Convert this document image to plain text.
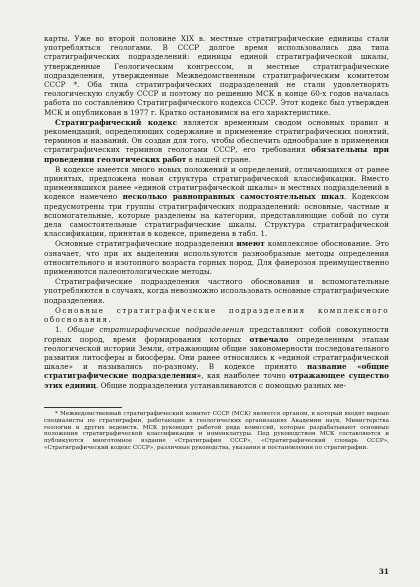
карты. Уже во второй половине XIX в. местные стратиграфические единицы стали употребляться геологами. В СССР долгое время использовались два типа стратиграфических подразделений: единицы единой стратиграфической шкалы, утвержденные Геологическим конгрессом, и местные стратиграфические подразделения, утвержденные Межведомственным стратиграфическим комитетом СССР *. Оба типа стратиграфических подразделений не стали удовлетворять геологическую службу СССР и поэтому по решению МСК в конце 60-х годов началась работа по составлению Стратиграфического кодекса СССР. Этот кодекс был утвержден МСК и опубликован в 1977 г. Кратко остановимся на его характеристике.

Стратиграфический кодекс является временным сводом основных правил и рекомендаций, определяющих содержание и применение стратиграфических понятий, терминов и названий. Он создан для того, чтобы обеспечить однообразие в применении стратиграфических терминов геологами СССР, его требования обязательны при проведении геологических работ в нашей стране.

В кодексе имеется много новых положений и определений, отличающихся от ранее принятых, предложена новая структура стратиграфической классификации. Вместо применявшихся ранее «единой стратиграфической шкалы» и местных подразделений в кодексе намечено несколько равноправных самостоятельных шкал. Кодексом предусмотрены три группы стратиграфических подразделений: основные, частные и вспомогательные, которые разделены на категории, представляющие собой по сути дела самостоятельные стратиграфические шкалы. Структура стратиграфической классификации, принятая в кодексе, приведена в табл. 1.

Основные стратиграфические подразделения имеют комплексное обоснование. Это означает, что при их выделении используются разнообразные методы определения относительного и изотопного возраста горных пород. Для фанерозоя преимущественно применяются палеонтологические методы.

Стратиграфические подразделения частного обоснования и вспомогательные употребляются в случаях, когда невозможно использовать основные стратиграфические подразделения.

Основные стратиграфические подразделения комплексного обоснования.

1. Общие стратиграфические подразделения представляют собой совокупности горных пород, время формирования которых отвечало определенным этапам геологической истории Земли, отражающим общие закономерности последовательного развития литосферы и биосферы. Они ранее относились к «единой стратиграфической шкале» и назывались по-разному. В кодексе принято название «общие стратиграфические подразделения», как наиболее точно отражающее существо этих единиц. Общие подразделения устанавливаются с помощью разных ме-

* Межведомственный стратиграфический комитет СССР (МСК) является органом, в который входят видные специалисты по стратиграфии, работающие в геологических организациях Академии наук, Министерства геологии и других ведомств. МСК руководит работой ряда комиссий, которые разрабатывают основные положения стратиграфической классификации и номенклатуры. Под руководством МСК составляются и публикуются многотомное издание «Стратиграфия СССР», «Стратиграфический словарь СССР», «Стратиграфический кодекс СССР», различные руководства, указания и постановления по стратиграфии.

31
